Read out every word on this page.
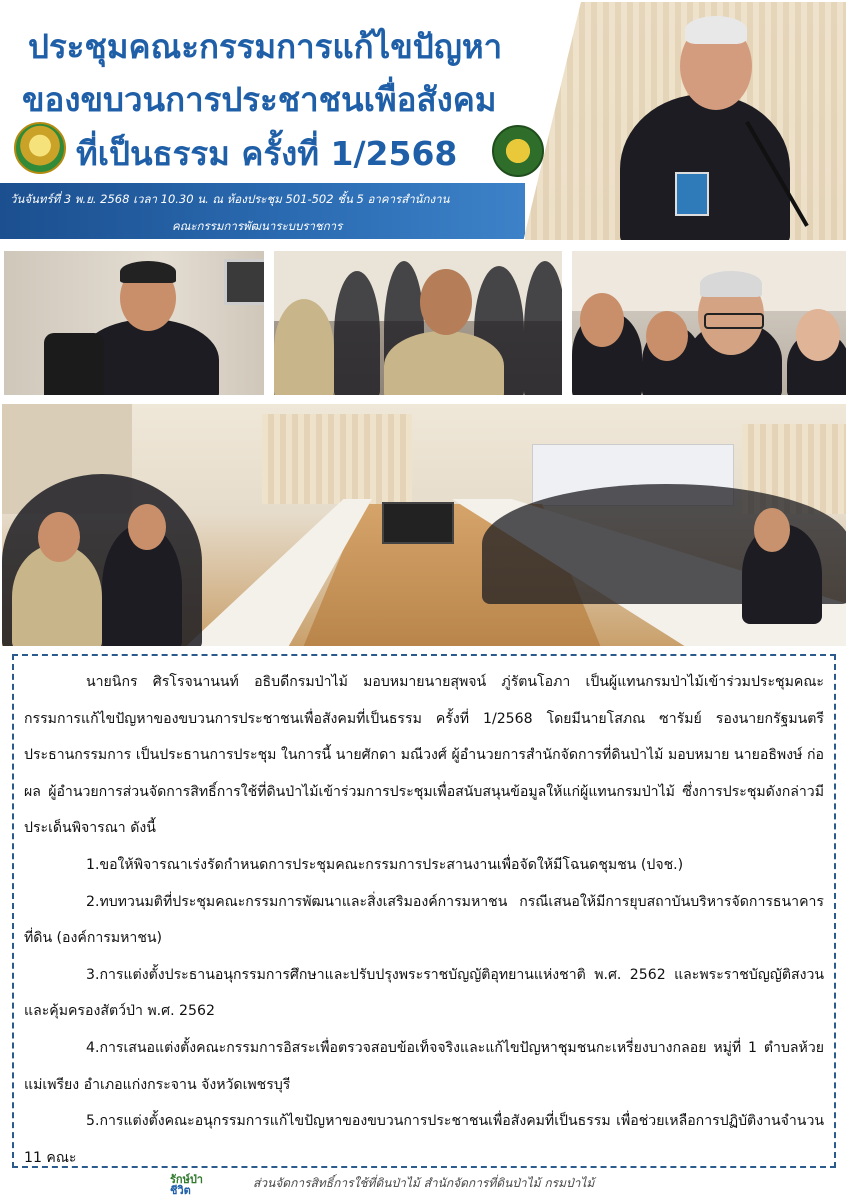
ประชุมคณะกรรมการแก้ไขปัญหา
ของขบวนการประชาชนเพื่อสังคม
ที่เป็นธรรม ครั้งที่ 1/2568
วันจันทร์ที่ 3 พ.ย. 2568 เวลา 10.30 น. ณ ห้องประชุม 501-502 ชั้น 5 อาคารสำนักงาน
คณะกรรมการพัฒนาระบบราชการ

นายนิกร ศิรโรจนานนท์ อธิบดีกรมป่าไม้ มอบหมายนายสุพจน์ ภู่รัตนโอภา เป็นผู้แทนกรมป่าไม้เข้าร่วมประชุมคณะกรรมการแก้ไขปัญหาของขบวนการประชาชนเพื่อสังคมที่เป็นธรรม ครั้งที่ 1/2568 โดยมีนายโสภณ ซารัมย์ รองนายกรัฐมนตรี ประธานกรรมการ เป็นประธานการประชุม ในการนี้ นายศักดา มณีวงศ์ ผู้อำนวยการสำนักจัดการที่ดินป่าไม้ มอบหมาย นายอธิพงษ์ ก่อผล ผู้อำนวยการส่วนจัดการสิทธิ์การใช้ที่ดินป่าไม้เข้าร่วมการประชุมเพื่อสนับสนุนข้อมูลให้แก่ผู้แทนกรมป่าไม้ ซึ่งการประชุมดังกล่าวมีประเด็นพิจารณา ดังนี้

1.ขอให้พิจารณาเร่งรัดกำหนดการประชุมคณะกรรมการประสานงานเพื่อจัดให้มีโฉนดชุมชน (ปจช.)

2.ทบทวนมติที่ประชุมคณะกรรมการพัฒนาและสิ่งเสริมองค์การมหาชน กรณีเสนอให้มีการยุบสถาบันบริหารจัดการธนาคารที่ดิน (องค์การมหาชน)

3.การแต่งตั้งประธานอนุกรรมการศึกษาและปรับปรุงพระราชบัญญัติอุทยานแห่งชาติ พ.ศ. 2562 และพระราชบัญญัติสงวนและคุ้มครองสัตว์ป่า พ.ศ. 2562

4.การเสนอแต่งตั้งคณะกรรมการอิสระเพื่อตรวจสอบข้อเท็จจริงและแก้ไขปัญหาชุมชนกะเหรี่ยงบางกลอย หมู่ที่ 1 ตำบลห้วยแม่เพรียง อำเภอแก่งกระจาน จังหวัดเพชรบุรี

5.การแต่งตั้งคณะอนุกรรมการแก้ไขปัญหาของขบวนการประชาชนเพื่อสังคมที่เป็นธรรม เพื่อช่วยเหลือการปฏิบัติงานจำนวน 11 คณะ

รักษ์ป่า
ชีวิต
ส่วนจัดการสิทธิ์การใช้ที่ดินป่าไม้ สำนักจัดการที่ดินป่าไม้ กรมป่าไม้
